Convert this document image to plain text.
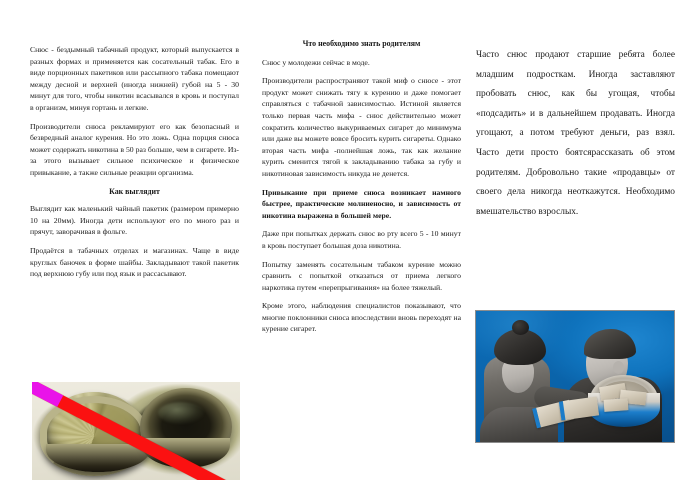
Снюс - бездымный табачный продукт, который выпускается в разных формах и применяется как сосательный табак. Его в виде порционных пакетиков или рассыпного табака помещают между десной и верхней (иногда нижней) губой на 5 - 30 минут для того, чтобы никотин всасывался в кровь и поступал в организм, минуя гортань и легкие.

Производители снюса рекламируют его как безопасный и безвредный аналог курения. Но это ложь. Одна порция снюса может содержать никотина в 50 раз больше, чем в сигарете. Из-за этого вызывает сильное психическое и физическое привыкание, а также сильные реакции организма.

Как выглядит

Выглядит как маленький чайный пакетик (размером примерно 10 на 20мм). Иногда дети используют его по много раз и прячут, заворачивая в фольге.

Продаётся в табачных отделах и магазинах. Чаще в виде круглых баночек в форме шайбы. Закладывают такой пакетик под верхнюю губу или под язык и рассасывают.

Что необходимо знать родителям

Снюс у молодежи сейчас в моде.

Производители распространяют такой миф о снюсе - этот продукт может снижать тягу к курению и даже помогает справляться с табачной зависимостью. Истиной является только первая часть мифа - снюс действительно может сократить количество выкуриваемых сигарет до минимума или даже вы можете вовсе бросить курить сигареты. Однако вторая часть мифа -полнейшая ложь, так как желание курить сменится тягой к закладыванию табака за губу и никотиновая зависимость никуда не денется.

Привыкание при приеме снюса возникает намного быстрее, практические молниеносно, и зависимость от никотина выражена в большей мере.

Даже при попытках держать снюс во рту всего 5 - 10 минут в кровь поступает большая доза никотина.

Попытку заменять сосательным табаком курение можно сравнить с попыткой отказаться от приема легкого наркотика путем «перепрыгивания» на более тяжелый.

Кроме этого, наблюдения специалистов показывают, что многие поклонники снюса впоследствии вновь переходят на курение сигарет.

Часто снюс продают старшие ребята более младшим подросткам. Иногда заставляют пробовать снюс, как бы угощая, чтобы «подсадить» и в дальнейшем продавать. Иногда угощают, а потом требуют деньги, раз взял. Часто дети просто боятсярассказать об этом родителям. Добровольно такие «продавцы» от своего дела никогда неоткажутся. Необходимо вмешательство взрослых.
